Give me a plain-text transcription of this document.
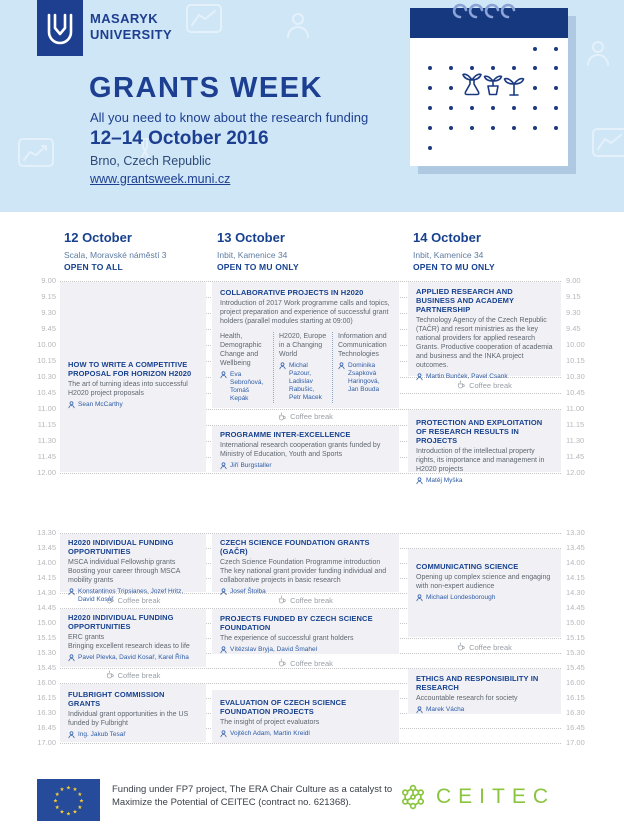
MASARYK
UNIVERSITY
GRANTS WEEK
All you need to know about the research funding
12–14 October 2016
Brno, Czech Republic
www.grantsweek.muni.cz
12 October
Scala, Moravské náměstí 3
OPEN TO ALL
13 October
Inbit, Kamenice 34
OPEN TO MU ONLY
14 October
Inbit, Kamenice 34
OPEN TO MU ONLY
9.00
9.15
9.30
9.45
10.00
10.15
10.30
10.45
11.00
11.15
11.30
11.45
12.00
9.00
9.15
9.30
9.45
10.00
10.15
10.30
10.45
11.00
11.15
11.30
11.45
12.00
13.30
13.45
14.00
14.15
14.30
14.45
15.00
15.15
15.30
15.45
16.00
16.15
16.30
16.45
17.00
13.30
13.45
14.00
14.15
14.30
14.45
15.00
15.15
15.30
15.45
16.00
16.15
16.30
16.45
17.00
HOW TO WRITE A COMPETITIVE PROPOSAL FOR HORIZON H2020
The art of turning ideas into successful H2020 project proposals
Sean McCarthy
H2020 INDIVIDUAL FUNDING OPPORTUNITIES
MSCA individual Fellowship grants
Boosting your career through MSCA mobility grants
Konstantinos Tripsianes, Jozef Hritz, David Kosař Coffee break
H2020 INDIVIDUAL FUNDING OPPORTUNITIES
ERC grants
Bringing excellent research ideas to life
Pavel Plevka, David Kosař, Karel Říha
Coffee break
FULBRIGHT COMMISSION GRANTS
Individual grant opportunities in the US funded by Fulbright
Ing. Jakub Tesař
COLLABORATIVE PROJECTS IN H2020
Introduction of 2017 Work programme calls and topics, project preparation and experience of successful grant holders (parallel modules starting at 09:00)
Health, Demographic Change and Wellbeing
Eva Sebroňová, Tomáš Kepák
H2020, Europe in a Changing World
Michal Pazour, Ladislav Rabušic, Petr Macek
Information and Communication Technologies
Dominika Zsapková Haringová, Jan Bouda
Coffee break
PROGRAMME INTER-EXCELLENCE
International research cooperation grants funded by Ministry of Education, Youth and Sports
Jiří Burgstaller
CZECH SCIENCE FOUNDATION GRANTS (GAČR)
Czech Science Foundation Programme introduction
The key national grant provider funding individual and collaborative projects in basic research
Josef Štolba
Coffee break
PROJECTS FUNDED BY CZECH SCIENCE FOUNDATION
The experience of successful grant holders
Vítězslav Bryja, David Šmahel
Coffee break
EVALUATION OF CZECH SCIENCE FOUNDATION PROJECTS
The insight of project evaluators
Vojtěch Adam, Martin Kreidl
APPLIED RESEARCH AND BUSINESS AND ACADEMY PARTNERSHIP
Technology Agency of the Czech Republic (TAČR) and resort ministries as the key national providers for applied research Grants. Productive cooperation of academia and business and the INKA project outcomes.
Martin Bunček, Pavel Csank
Coffee break
PROTECTION AND EXPLOITATION OF RESEARCH RESULTS IN PROJECTS
Introduction of the intellectual property rights, its importance and management in H2020 projects
Matěj Myška
COMMUNICATING SCIENCE
Opening up complex science and engaging with non-expert audience
Michael Londesborough
Coffee break
ETHICS AND RESPONSIBILITY IN RESEARCH
Accountable research for society
Marek Vácha
★ ★
★
★
★
★
★
★
★
★
★
★	Funding under FP7 project, The ERA Chair Culture as a catalyst to Maximize the Potential of CEITEC (contract no. 621368).	CEITEC
